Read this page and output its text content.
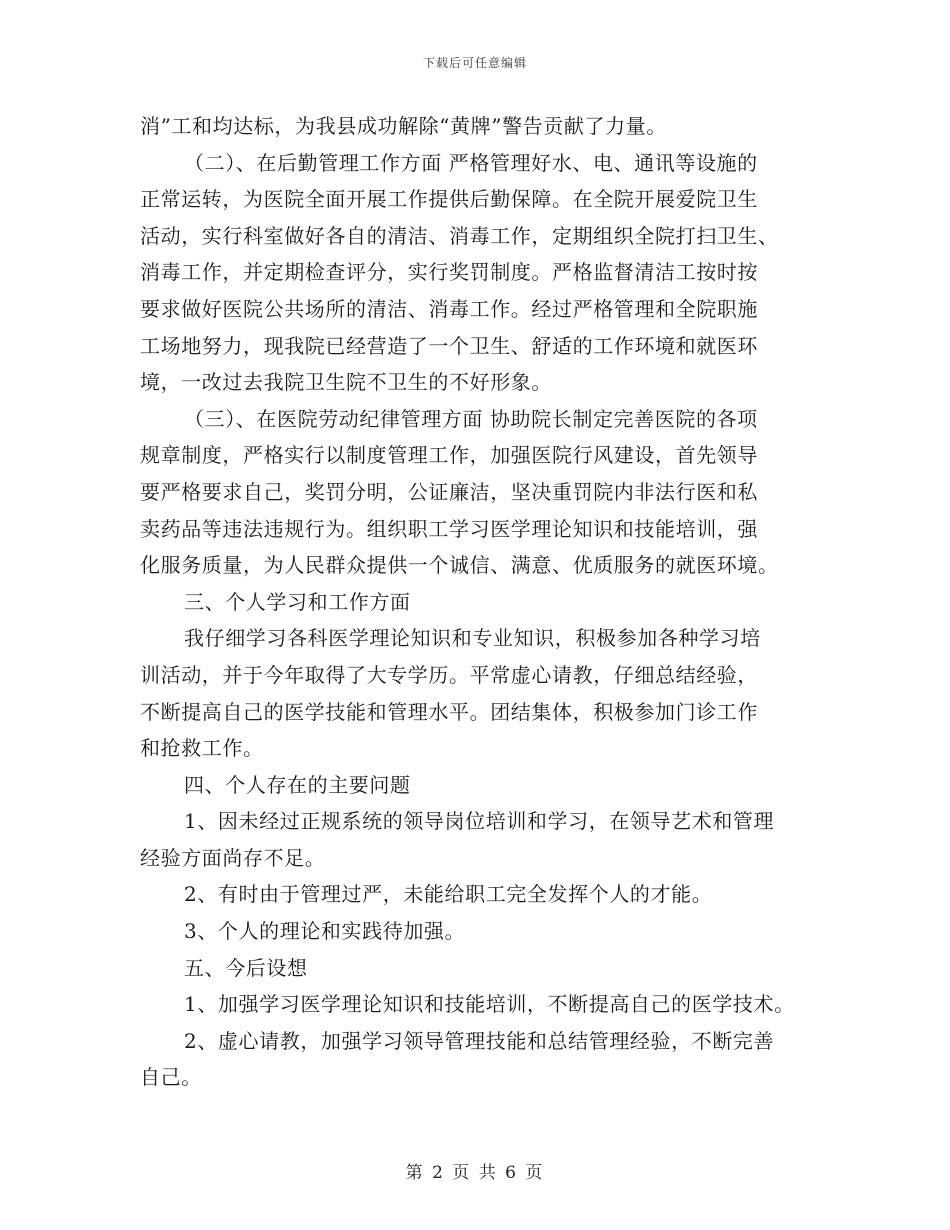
下载后可任意编辑
消”工和均达标，为我县成功解除“黄牌”警告贡献了力量。
（二）、在后勤管理工作方面 严格管理好水、电、通讯等设施的
正常运转，为医院全面开展工作提供后勤保障。在全院开展爱院卫生
活动，实行科室做好各自的清洁、消毒工作，定期组织全院打扫卫生、
消毒工作，并定期检查评分，实行奖罚制度。严格监督清洁工按时按
要求做好医院公共场所的清洁、消毒工作。经过严格管理和全院职施
工场地努力，现我院已经营造了一个卫生、舒适的工作环境和就医环
境，一改过去我院卫生院不卫生的不好形象。
（三）、在医院劳动纪律管理方面 协助院长制定完善医院的各项
规章制度，严格实行以制度管理工作，加强医院行风建设，首先领导
要严格要求自己，奖罚分明，公证廉洁，坚决重罚院内非法行医和私
卖药品等违法违规行为。组织职工学习医学理论知识和技能培训，强
化服务质量，为人民群众提供一个诚信、满意、优质服务的就医环境。
三、个人学习和工作方面
我仔细学习各科医学理论知识和专业知识，积极参加各种学习培
训活动，并于今年取得了大专学历。平常虚心请教，仔细总结经验，
不断提高自己的医学技能和管理水平。团结集体，积极参加门诊工作
和抢救工作。
四、个人存在的主要问题
1、因未经过正规系统的领导岗位培训和学习，在领导艺术和管理
经验方面尚存不足。
2、有时由于管理过严，未能给职工完全发挥个人的才能。
3、个人的理论和实践待加强。
五、今后设想
1、加强学习医学理论知识和技能培训，不断提高自己的医学技术。
2、虚心请教，加强学习领导管理技能和总结管理经验，不断完善
自己。
第 2 页 共 6 页
